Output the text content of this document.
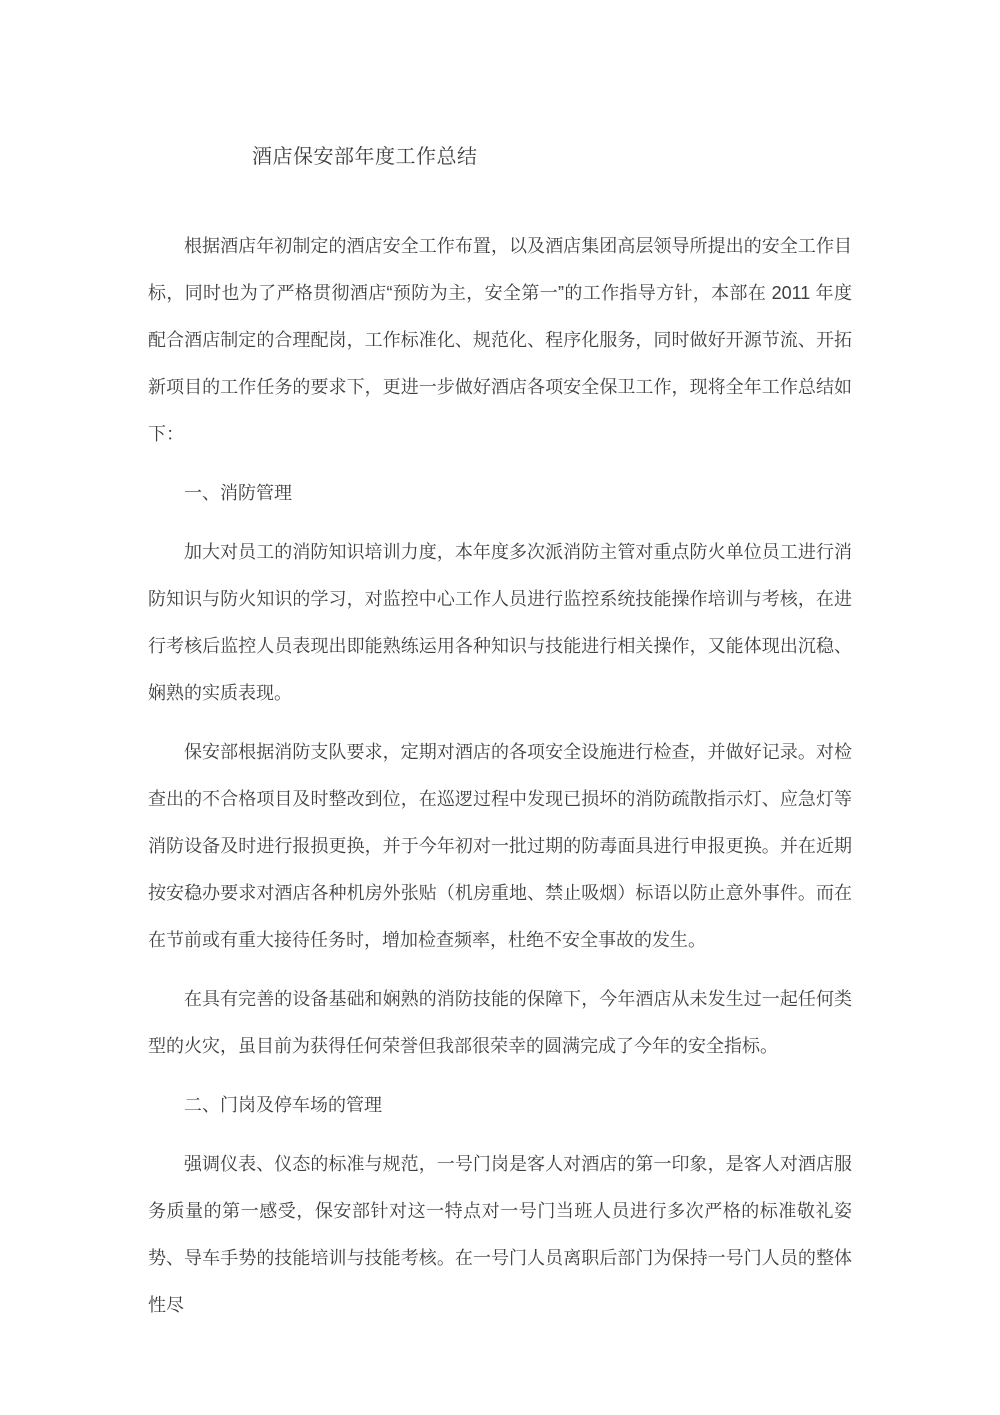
酒店保安部年度工作总结

根据酒店年初制定的酒店安全工作布置，以及酒店集团高层领导所提出的安全工作目标，同时也为了严格贯彻酒店“预防为主，安全第一”的工作指导方针，本部在 2011 年度配合酒店制定的合理配岗，工作标准化、规范化、程序化服务，同时做好开源节流、开拓新项目的工作任务的要求下，更进一步做好酒店各项安全保卫工作，现将全年工作总结如下：

一、消防管理

加大对员工的消防知识培训力度，本年度多次派消防主管对重点防火单位员工进行消防知识与防火知识的学习，对监控中心工作人员进行监控系统技能操作培训与考核，在进行考核后监控人员表现出即能熟练运用各种知识与技能进行相关操作，又能体现出沉稳、娴熟的实质表现。

保安部根据消防支队要求，定期对酒店的各项安全设施进行检查，并做好记录。对检查出的不合格项目及时整改到位，在巡逻过程中发现已损坏的消防疏散指示灯、应急灯等消防设备及时进行报损更换，并于今年初对一批过期的防毒面具进行申报更换。并在近期按安稳办要求对酒店各种机房外张贴（机房重地、禁止吸烟）标语以防止意外事件。而在在节前或有重大接待任务时，增加检查频率，杜绝不安全事故的发生。

在具有完善的设备基础和娴熟的消防技能的保障下，今年酒店从未发生过一起任何类型的火灾，虽目前为获得任何荣誉但我部很荣幸的圆满完成了今年的安全指标。

二、门岗及停车场的管理

强调仪表、仪态的标准与规范，一号门岗是客人对酒店的第一印象，是客人对酒店服务质量的第一感受，保安部针对这一特点对一号门当班人员进行多次严格的标准敬礼姿势、导车手势的技能培训与技能考核。在一号门人员离职后部门为保持一号门人员的整体性尽
